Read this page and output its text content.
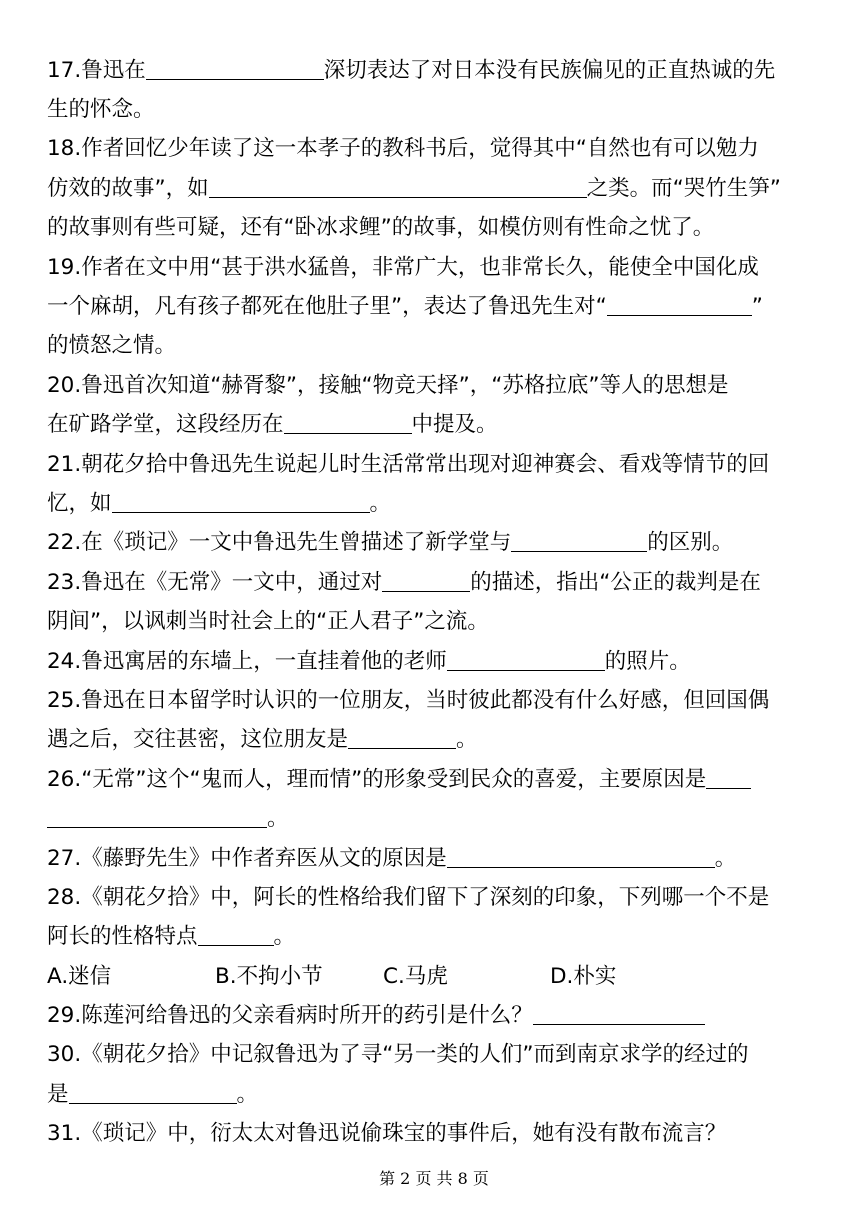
17.鲁迅在	深切表达了对日本没有民族偏见的正直热诚的先
生的怀念。
18.作者回忆少年读了这一本孝子的教科书后，觉得其中“自然也有可以勉力
仿效的故事”，如	之类。而“哭竹生笋”
的故事则有些可疑，还有“卧冰求鲤”的故事，如模仿则有性命之忧了。
19.作者在文中用“甚于洪水猛兽，非常广大，也非常长久，能使全中国化成
一个麻胡，凡有孩子都死在他肚子里”，表达了鲁迅先生对“	”
的愤怒之情。
20.鲁迅首次知道“赫胥黎”，接触“物竞天择”，“苏格拉底”等人的思想是
在矿路学堂，这段经历在	中提及。
21.朝花夕拾中鲁迅先生说起儿时生活常常出现对迎神赛会、看戏等情节的回
忆，如	。
22.在《琐记》一文中鲁迅先生曾描述了新学堂与	的区别。
23.鲁迅在《无常》一文中，通过对	的描述，指出“公正的裁判是在
阴间”，以讽刺当时社会上的“正人君子”之流。
24.鲁迅寓居的东墙上，一直挂着他的老师	的照片。
25.鲁迅在日本留学时认识的一位朋友，当时彼此都没有什么好感，但回国偶
遇之后，交往甚密，这位朋友是	。
26.“无常”这个“鬼而人，理而情”的形象受到民众的喜爱，主要原因是
。
27.《藤野先生》中作者弃医从文的原因是	。
28.《朝花夕拾》中，阿长的性格给我们留下了深刻的印象，下列哪一个不是
阿长的性格特点	。
A.迷信	B.不拘小节	C.马虎	D.朴实
29.陈莲河给鲁迅的父亲看病时所开的药引是什么？
30.《朝花夕拾》中记叙鲁迅为了寻“另一类的人们”而到南京求学的经过的
是	。
31.《琐记》中，衍太太对鲁迅说偷珠宝的事件后，她有没有散布流言？
第 2 页 共 8 页
